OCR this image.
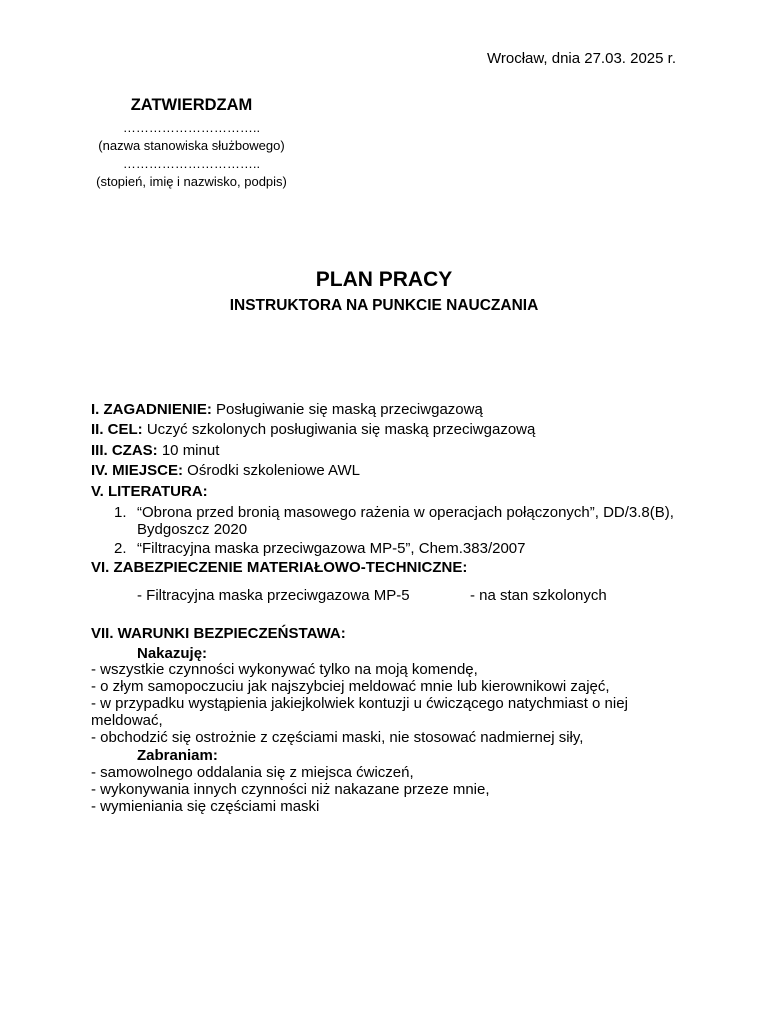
Wrocław, dnia 27.03. 2025 r.
ZATWIERDZAM
…………………………..
(nazwa stanowiska służbowego)
…………………………..
(stopień, imię i nazwisko, podpis)
PLAN PRACY
INSTRUKTORA NA PUNKCIE NAUCZANIA
I. ZAGADNIENIE: Posługiwanie się maską przeciwgazową
II. CEL: Uczyć szkolonych posługiwania się maską przeciwgazową
III. CZAS: 10 minut
IV. MIEJSCE: Ośrodki szkoleniowe AWL
V. LITERATURA:
1. “Obrona przed bronią masowego rażenia w operacjach połączonych”, DD/3.8(B), Bydgoszcz 2020
2. “Filtracyjna maska przeciwgazowa MP-5”, Chem.383/2007
VI. ZABEZPIECZENIE MATERIAŁOWO-TECHNICZNE:
- Filtracyjna maska przeciwgazowa MP-5	- na stan szkolonych
VII. WARUNKI BEZPIECZEŃSTAWA:
Nakazuję:
- wszystkie czynności wykonywać tylko na moją komendę,
- o złym samopoczuciu jak najszybciej meldować mnie lub kierownikowi zajęć,
- w przypadku wystąpienia jakiejkolwiek kontuzji u ćwiczącego natychmiast o niej meldować,
- obchodzić się ostrożnie z częściami maski, nie stosować nadmiernej siły,
Zabraniam:
- samowolnego oddalania się z miejsca ćwiczeń,
- wykonywania innych czynności niż nakazane przeze mnie,
- wymieniania się częściami maski
